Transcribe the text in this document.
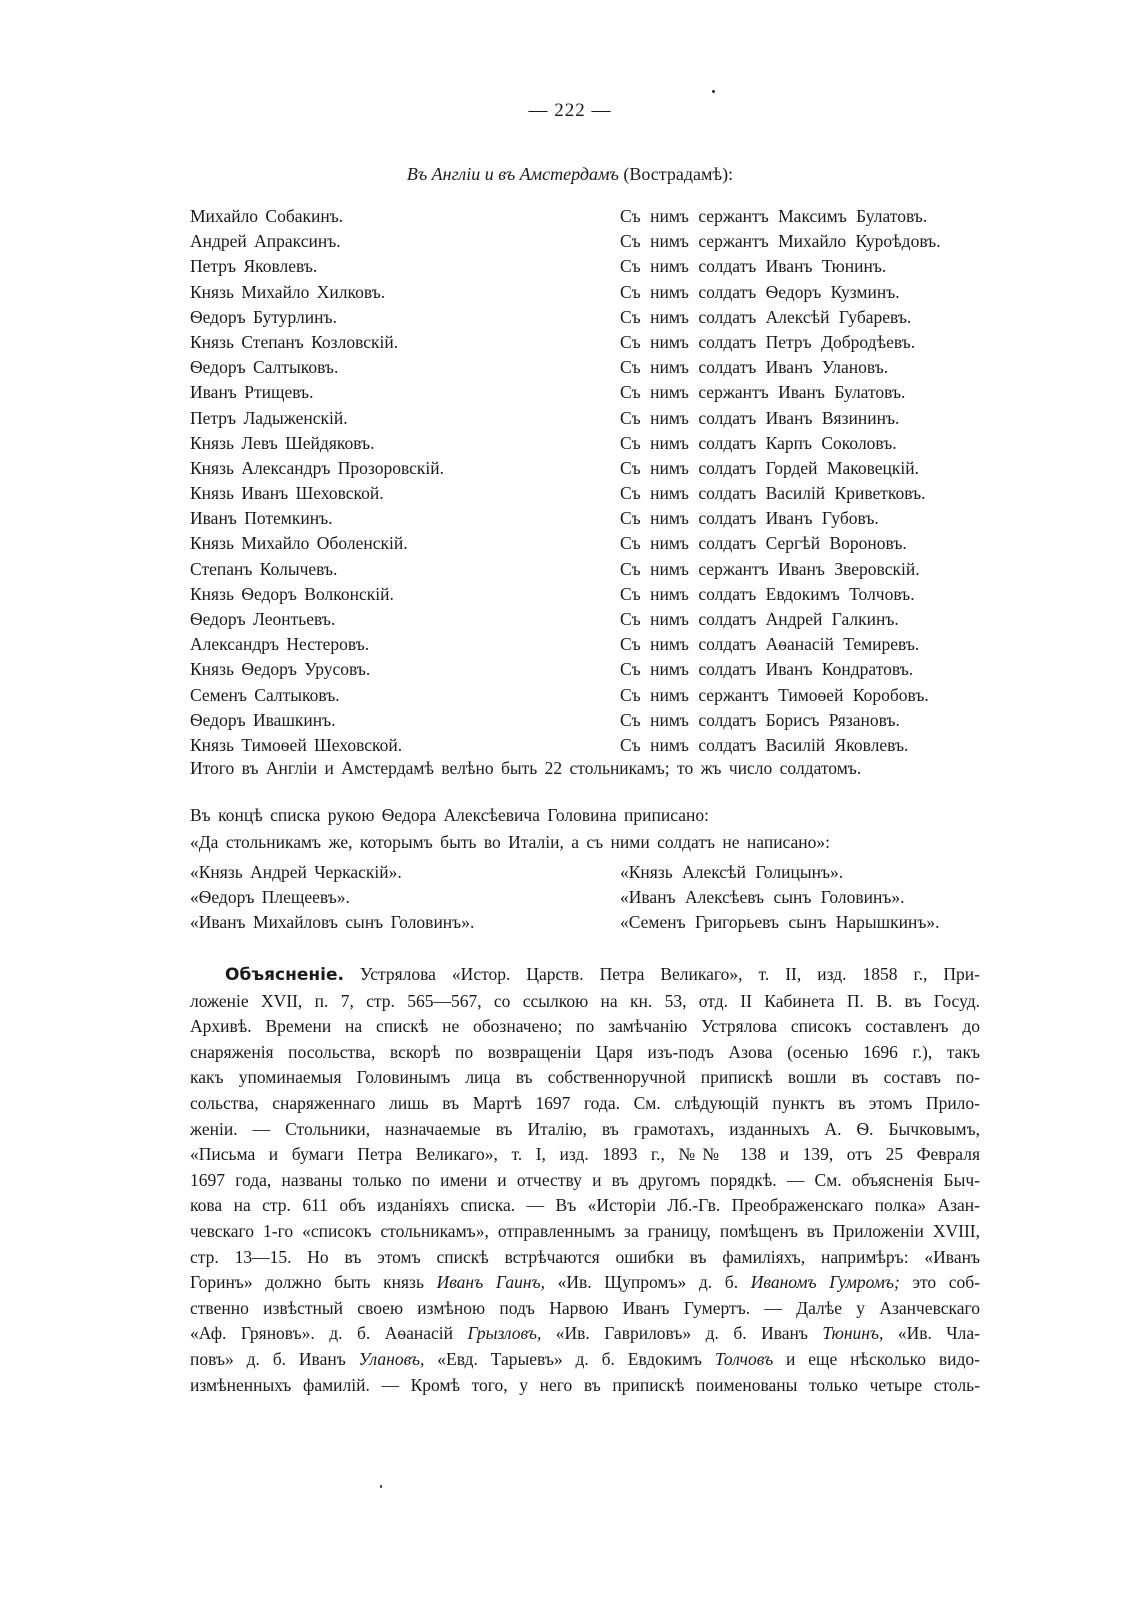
— 222 —
Въ Англіи и въ Амстердамъ (Вострадамѣ):
Михайло Собакинъ.	Съ нимъ сержантъ Максимъ Булатовъ.
Андрей Апраксинъ.	Съ нимъ сержантъ Михайло Куроѣдовъ.
Петръ Яковлевъ.	Съ нимъ солдатъ Иванъ Тюнинъ.
Князь Михайло Хилковъ.	Съ нимъ солдатъ Ѳедоръ Кузминъ.
Ѳедоръ Бутурлинъ.	Съ нимъ солдатъ Алексѣй Губаревъ.
Князь Степанъ Козловскій.	Съ нимъ солдатъ Петръ Добродѣевъ.
Ѳедоръ Салтыковъ.	Съ нимъ солдатъ Иванъ Улановъ.
Иванъ Ртищевъ.	Съ нимъ сержантъ Иванъ Булатовъ.
Петръ Ладыженскій.	Съ нимъ солдатъ Иванъ Вязининъ.
Князь Левъ Шейдяковъ.	Съ нимъ солдатъ Карпъ Соколовъ.
Князь Александръ Прозоровскій.	Съ нимъ солдатъ Гордей Маковецкій.
Князь Иванъ Шеховской.	Съ нимъ солдатъ Василій Криветковъ.
Иванъ Потемкинъ.	Съ нимъ солдатъ Иванъ Губовъ.
Князь Михайло Оболенскій.	Съ нимъ солдатъ Сергѣй Вороновъ.
Степанъ Колычевъ.	Съ нимъ сержантъ Иванъ Зверовскій.
Князь Ѳедоръ Волконскій.	Съ нимъ солдатъ Евдокимъ Толчовъ.
Ѳедоръ Леонтьевъ.	Съ нимъ солдатъ Андрей Галкинъ.
Александръ Нестеровъ.	Съ нимъ солдатъ Аѳанасій Темиревъ.
Князь Ѳедоръ Урусовъ.	Съ нимъ солдатъ Иванъ Кондратовъ.
Семенъ Салтыковъ.	Съ нимъ сержантъ Тимоѳей Коробовъ.
Ѳедоръ Ивашкинъ.	Съ нимъ солдатъ Борисъ Рязановъ.
Князь Тимоѳей Шеховской.	Съ нимъ солдатъ Василій Яковлевъ.
Итого въ Англіи и Амстердамѣ велѣно быть 22 стольникамъ; то жъ число солдатомъ.
Въ концѣ списка рукою Ѳедора Алексѣевича Головина приписано:
«Да стольникамъ же, которымъ быть во Италіи, а съ ними солдатъ не написано»:
«Князь Андрей Черкаскій».	«Князь Алексѣй Голицынъ».
«Ѳедоръ Плещеевъ».	«Иванъ Алексѣевъ сынъ Головинъ».
«Иванъ Михайловъ сынъ Головинъ».	«Семенъ Григорьевъ сынъ Нарышкинъ».
  Объясненіе. Устрялова «Истор. Царств. Петра Великаго», т. II, изд. 1858 г., При-
ложеніе XVII, п. 7, стр. 565—567, со ссылкою на кн. 53, отд. II Кабинета П. В. въ Госуд.
Архивѣ. Времени на спискѣ не обозначено; по замѣчанію Устрялова списокъ составленъ до
снаряженія посольства, вскорѣ по возвращеніи Царя изъ-подъ Азова (осенью 1696 г.), такъ
какъ упоминаемыя Головинымъ лица въ собственноручной припискѣ вошли въ составъ по-
сольства, снаряженнаго лишь въ Мартѣ 1697 года. См. слѣдующій пунктъ въ этомъ Прило-
женіи. — Стольники, назначаемые въ Италію, въ грамотахъ, изданныхъ А. Ѳ. Бычковымъ,
«Письма и бумаги Петра Великаго», т. I, изд. 1893 г., №№ 138 и 139, отъ 25 Февраля
1697 года, названы только по имени и отчеству и въ другомъ порядкѣ. — См. объясненія Быч-
кова на стр. 611 объ изданіяхъ списка. — Въ «Исторіи Лб.-Гв. Преображенскаго полка» Азан-
чевскаго 1-го «списокъ стольникамъ», отправленнымъ за границу, помѣщенъ въ Приложеніи XVIII,
стр. 13—15. Но въ этомъ спискѣ встрѣчаются ошибки въ фамиліяхъ, напримѣръ: «Иванъ
Горинъ» должно быть князь Иванъ Гаинъ, «Ив. Щупромъ» д. б. Иваномъ Гумромъ; это соб-
ственно извѣстный своею измѣною подъ Нарвою Иванъ Гумертъ. — Далѣе у Азанчевскаго
«Аф. Гряновъ». д. б. Аѳанасій Грызловъ, «Ив. Гавриловъ» д. б. Иванъ Тюнинъ, «Ив. Чла-
повъ» д. б. Иванъ Улановъ, «Евд. Тарыевъ» д. б. Евдокимъ Толчовъ и еще нѣсколько видо-
измѣненныхъ фамилій. — Кромѣ того, у него въ припискѣ поименованы только четыре столь-
